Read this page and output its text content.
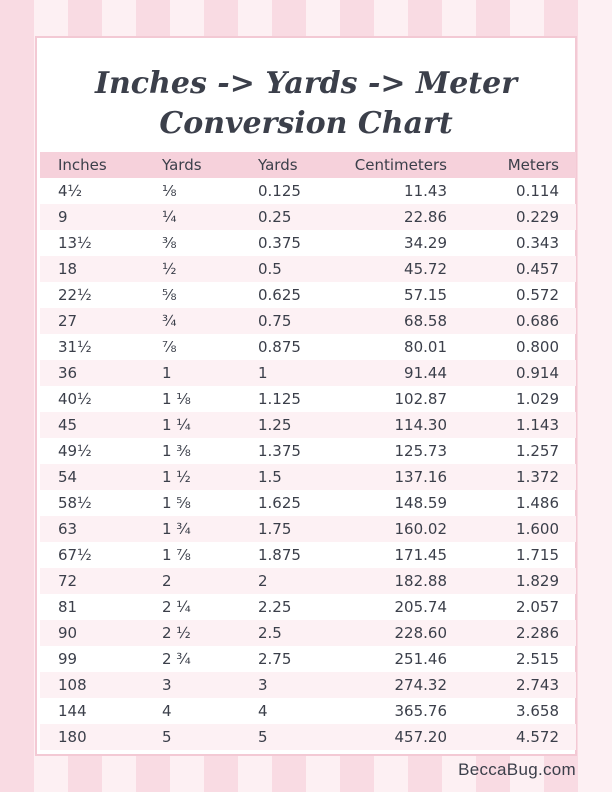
Inches -> Yards -> Meter
Conversion Chart
Inches	Yards	Yards	Centimeters	Meters
4½	⅛	0.125	11.43	0.114
9	¼	0.25	22.86	0.229
13½	⅜	0.375	34.29	0.343
18	½	0.5	45.72	0.457
22½	⅝	0.625	57.15	0.572
27	¾	0.75	68.58	0.686
31½	⅞	0.875	80.01	0.800
36	1	1	91.44	0.914
40½	1 ⅛	1.125	102.87	1.029
45	1 ¼	1.25	114.30	1.143
49½	1 ⅜	1.375	125.73	1.257
54	1 ½	1.5	137.16	1.372
58½	1 ⅝	1.625	148.59	1.486
63	1 ¾	1.75	160.02	1.600
67½	1 ⅞	1.875	171.45	1.715
72	2	2	182.88	1.829
81	2 ¼	2.25	205.74	2.057
90	2 ½	2.5	228.60	2.286
99	2 ¾	2.75	251.46	2.515
108	3	3	274.32	2.743
144	4	4	365.76	3.658
180	5	5	457.20	4.572
BeccaBug.com
